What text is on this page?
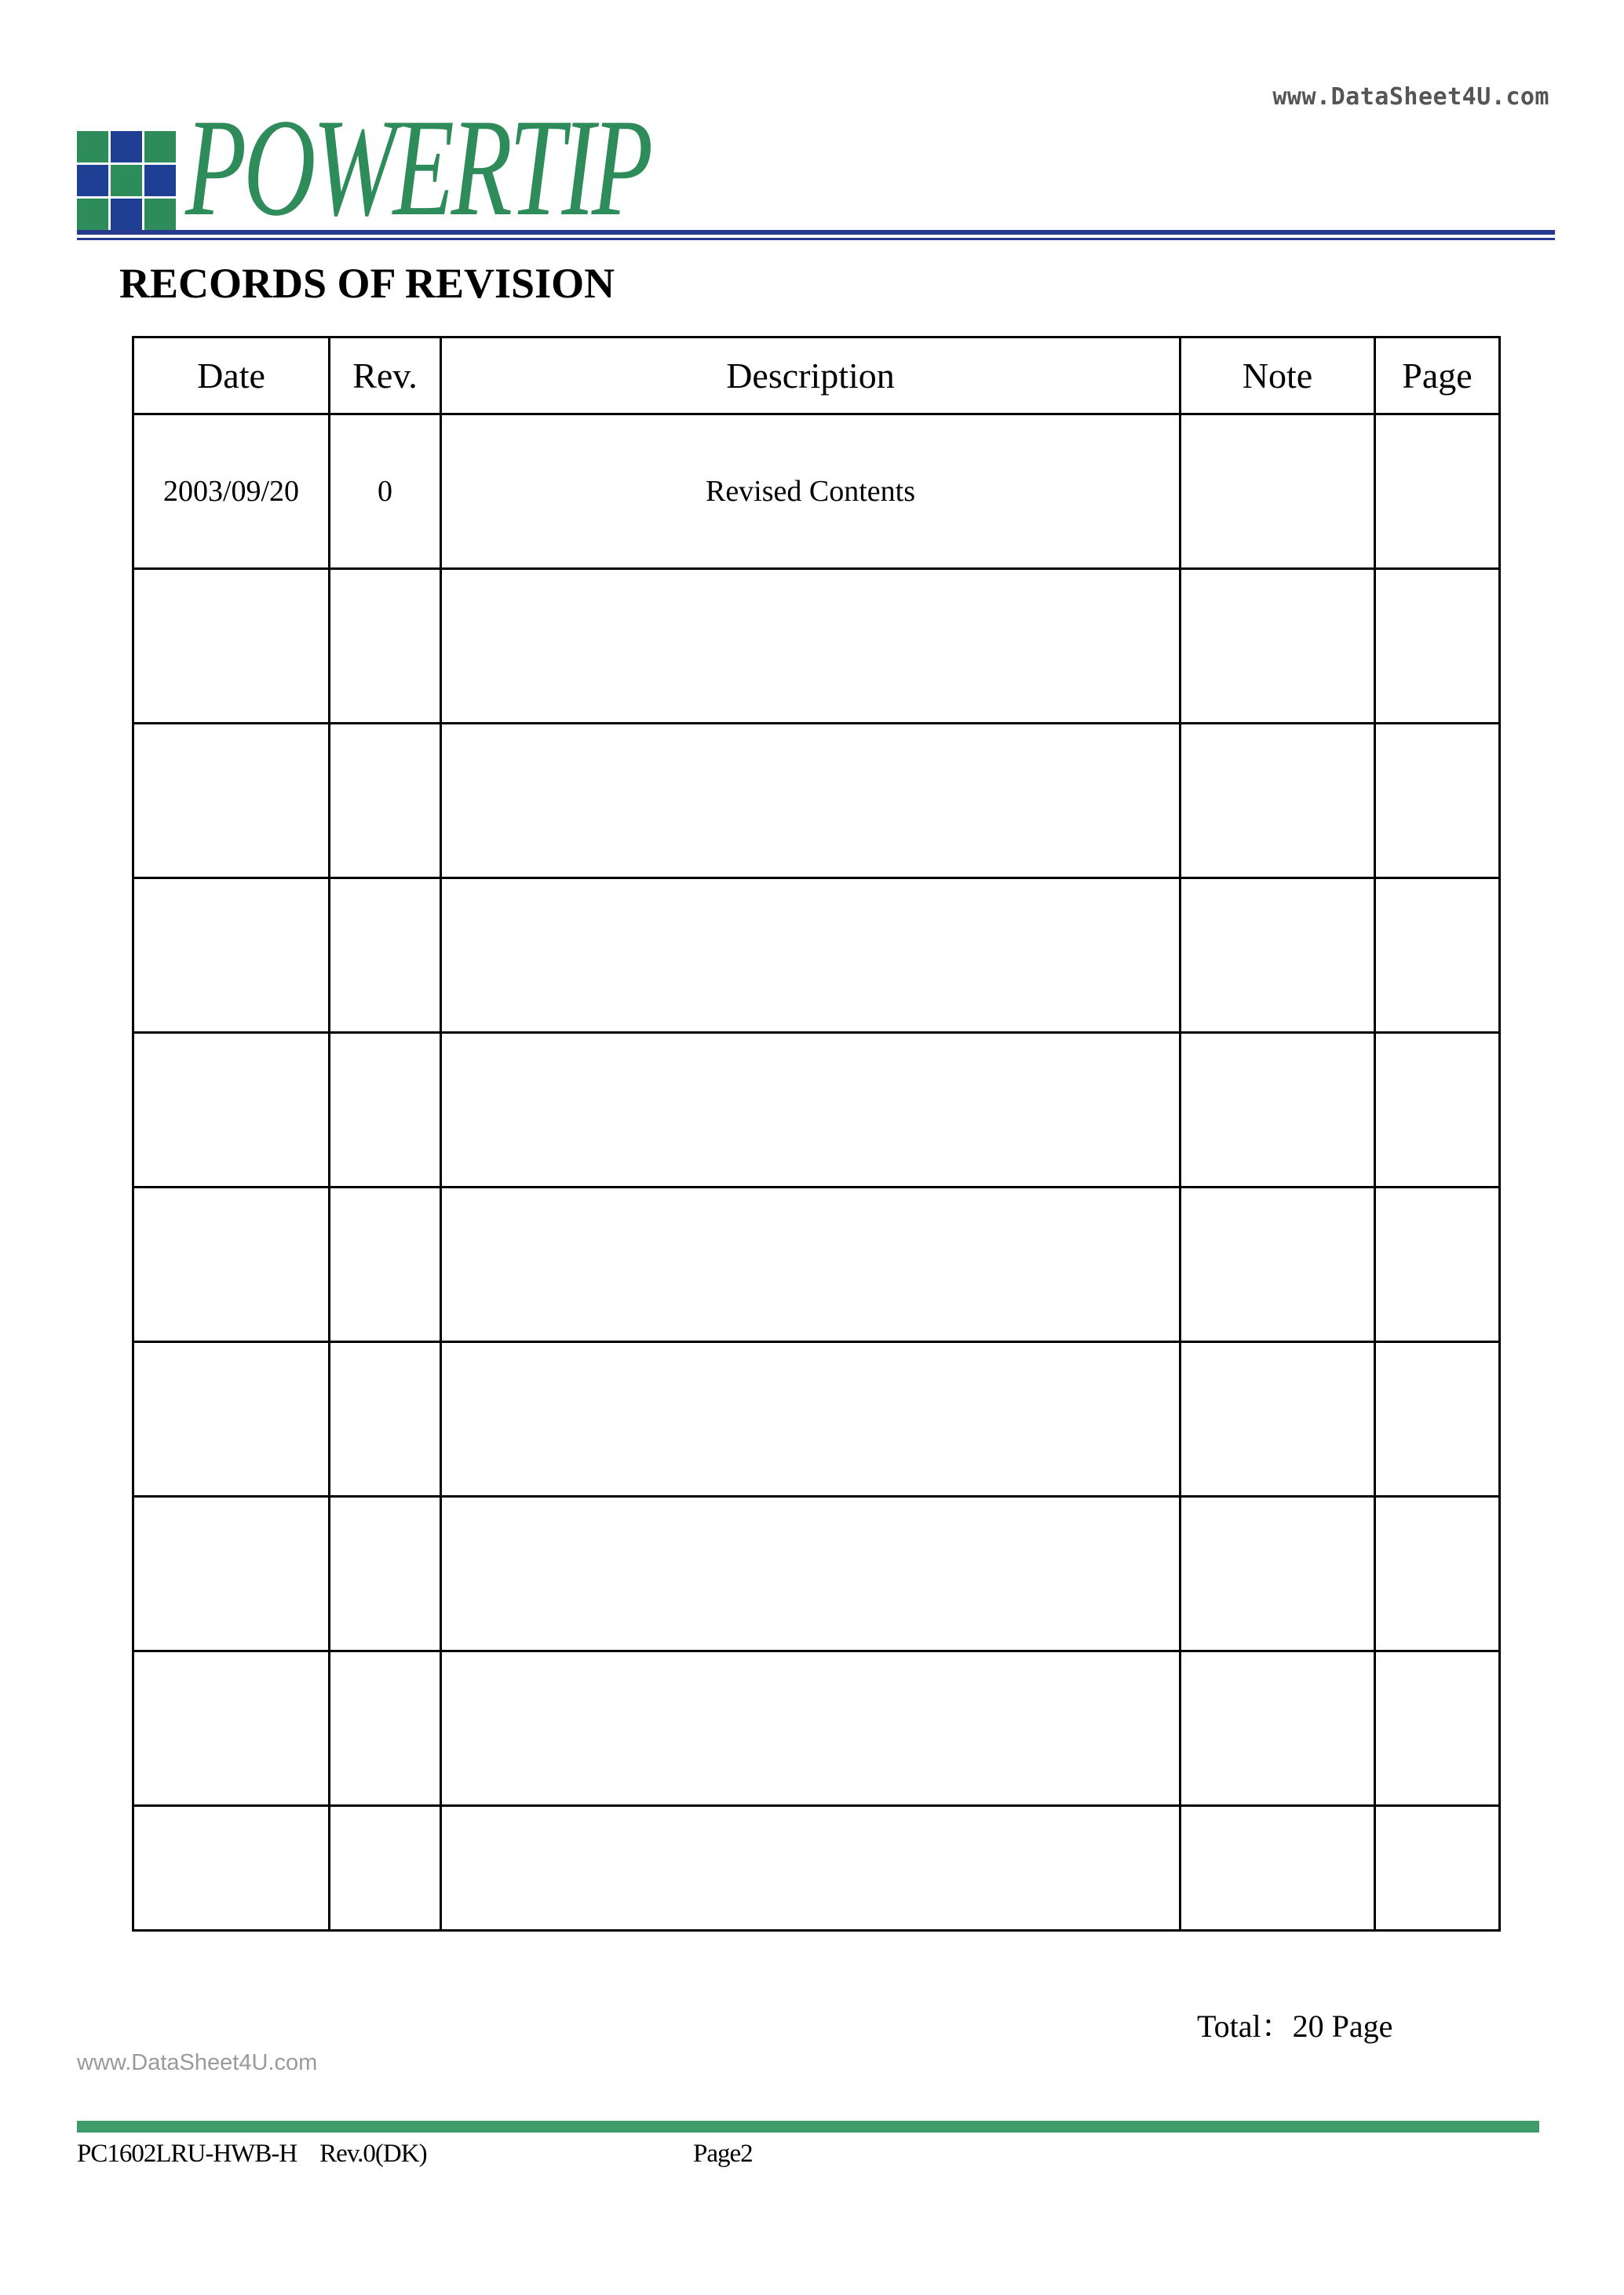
www.DataSheet4U.com
POWERTIP
RECORDS OF REVISION
Date	Rev.	Description	Note	Page
2003/09/20	0	Revised Contents		

Total：20 Page
www.DataSheet4U.com
PC1602LRU-HWB-H Rev.0(DK)	Page2
